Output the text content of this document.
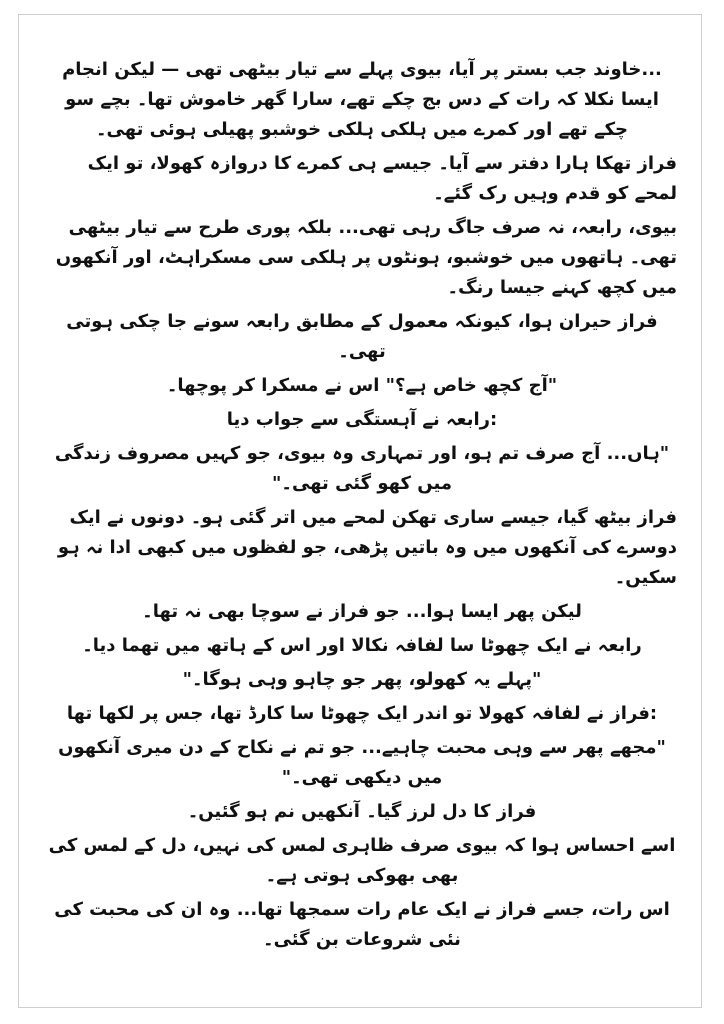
...خاوند جب بستر پر آیا، بیوی پہلے سے تیار بیٹھی تھی — لیکن انجام ایسا نکلا کہ رات کے دس بج چکے تھے، سارا گھر خاموش تھا۔ بچے سو چکے تھے اور کمرے میں ہلکی ہلکی خوشبو پھیلی ہوئی تھی۔

فراز تھکا ہارا دفتر سے آیا۔ جیسے ہی کمرے کا دروازہ کھولا، تو ایک لمحے کو قدم وہیں رک گئے۔

بیوی، رابعہ، نہ صرف جاگ رہی تھی... بلکہ پوری طرح سے تیار بیٹھی تھی۔ ہاتھوں میں خوشبو، ہونٹوں پر ہلکی سی مسکراہٹ، اور آنکھوں میں کچھ کہنے جیسا رنگ۔

فراز حیران ہوا، کیونکہ معمول کے مطابق رابعہ سونے جا چکی ہوتی تھی۔

"آج کچھ خاص ہے؟" اس نے مسکرا کر پوچھا۔

:رابعہ نے آہستگی سے جواب دیا

"ہاں... آج صرف تم ہو، اور تمہاری وہ بیوی، جو کہیں مصروف زندگی میں کھو گئی تھی۔"

فراز بیٹھ گیا، جیسے ساری تھکن لمحے میں اتر گئی ہو۔ دونوں نے ایک دوسرے کی آنکھوں میں وہ باتیں پڑھی، جو لفظوں میں کبھی ادا نہ ہو سکیں۔

لیکن پھر ایسا ہوا... جو فراز نے سوچا بھی نہ تھا۔

رابعہ نے ایک چھوٹا سا لفافہ نکالا اور اس کے ہاتھ میں تھما دیا۔

"پہلے یہ کھولو، پھر جو چاہو وہی ہوگا۔"

:فراز نے لفافہ کھولا تو اندر ایک چھوٹا سا کارڈ تھا، جس پر لکھا تھا

"مجھے پھر سے وہی محبت چاہیے... جو تم نے نکاح کے دن میری آنکھوں میں دیکھی تھی۔"

فراز کا دل لرز گیا۔ آنکھیں نم ہو گئیں۔

اسے احساس ہوا کہ بیوی صرف ظاہری لمس کی نہیں، دل کے لمس کی بھی بھوکی ہوتی ہے۔

اس رات، جسے فراز نے ایک عام رات سمجھا تھا... وہ ان کی محبت کی نئی شروعات بن گئی۔
